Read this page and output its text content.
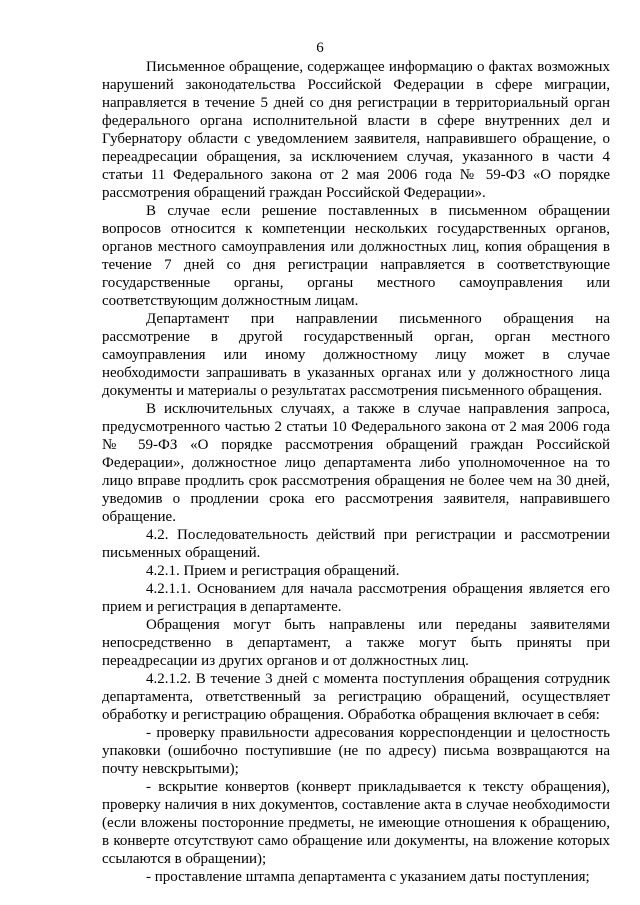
6

Письменное обращение, содержащее информацию о фактах возможных нарушений законодательства Российской Федерации в сфере миграции, направляется в течение 5 дней со дня регистрации в территориальный орган федерального органа исполнительной власти в сфере внутренних дел и Губернатору области с уведомлением заявителя, направившего обращение, о переадресации обращения, за исключением случая, указанного в части 4 статьи 11 Федерального закона от 2 мая 2006 года № 59-ФЗ «О порядке рассмотрения обращений граждан Российской Федерации».

В случае если решение поставленных в письменном обращении вопросов относится к компетенции нескольких государственных органов, органов местного самоуправления или должностных лиц, копия обращения в течение 7 дней со дня регистрации направляется в соответствующие государственные органы, органы местного самоуправления или соответствующим должностным лицам.

Департамент при направлении письменного обращения на рассмотрение в другой государственный орган, орган местного самоуправления или иному должностному лицу может в случае необходимости запрашивать в указанных органах или у должностного лица документы и материалы о результатах рассмотрения письменного обращения.

В исключительных случаях, а также в случае направления запроса, предусмотренного частью 2 статьи 10 Федерального закона от 2 мая 2006 года № 59-ФЗ «О порядке рассмотрения обращений граждан Российской Федерации», должностное лицо департамента либо уполномоченное на то лицо вправе продлить срок рассмотрения обращения не более чем на 30 дней, уведомив о продлении срока его рассмотрения заявителя, направившего обращение.

4.2. Последовательность действий при регистрации и рассмотрении письменных обращений.

4.2.1. Прием и регистрация обращений.

4.2.1.1. Основанием для начала рассмотрения обращения является его прием и регистрация в департаменте.

Обращения могут быть направлены или переданы заявителями непосредственно в департамент, а также могут быть приняты при переадресации из других органов и от должностных лиц.

4.2.1.2. В течение 3 дней с момента поступления обращения сотрудник департамента, ответственный за регистрацию обращений, осуществляет обработку и регистрацию обращения. Обработка обращения включает в себя:

- проверку правильности адресования корреспонденции и целостность упаковки (ошибочно поступившие (не по адресу) письма возвращаются на почту невскрытыми);

- вскрытие конвертов (конверт прикладывается к тексту обращения), проверку наличия в них документов, составление акта в случае необходимости (если вложены посторонние предметы, не имеющие отношения к обращению, в конверте отсутствуют само обращение или документы, на вложение которых ссылаются в обращении);

- проставление штампа департамента с указанием даты поступления;
